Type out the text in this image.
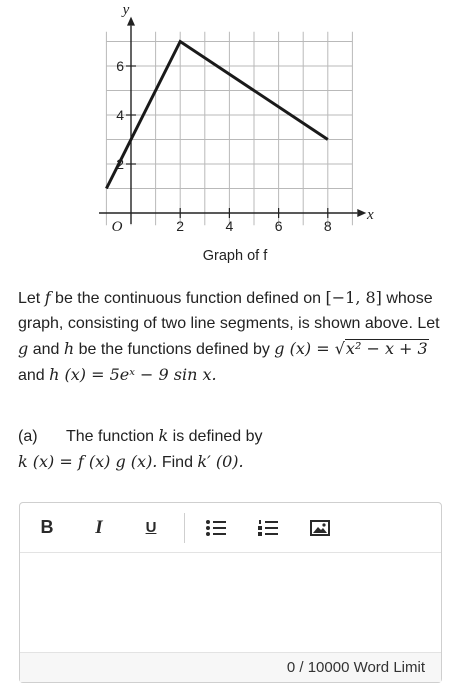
6
4
2
2	4	6	8
y
x
O
Graph of f
Let f be the continuous function defined on [−1, 8] whose graph, consisting of two line segments, is shown above. Let g and h be the functions defined by g (x) = √x² − x + 3 and h (x) = 5eˣ − 9 sin x.
(a) The function k is defined by
k (x) = f (x) g (x). Find k′ (0).
B	I	U
0 / 10000 Word Limit
